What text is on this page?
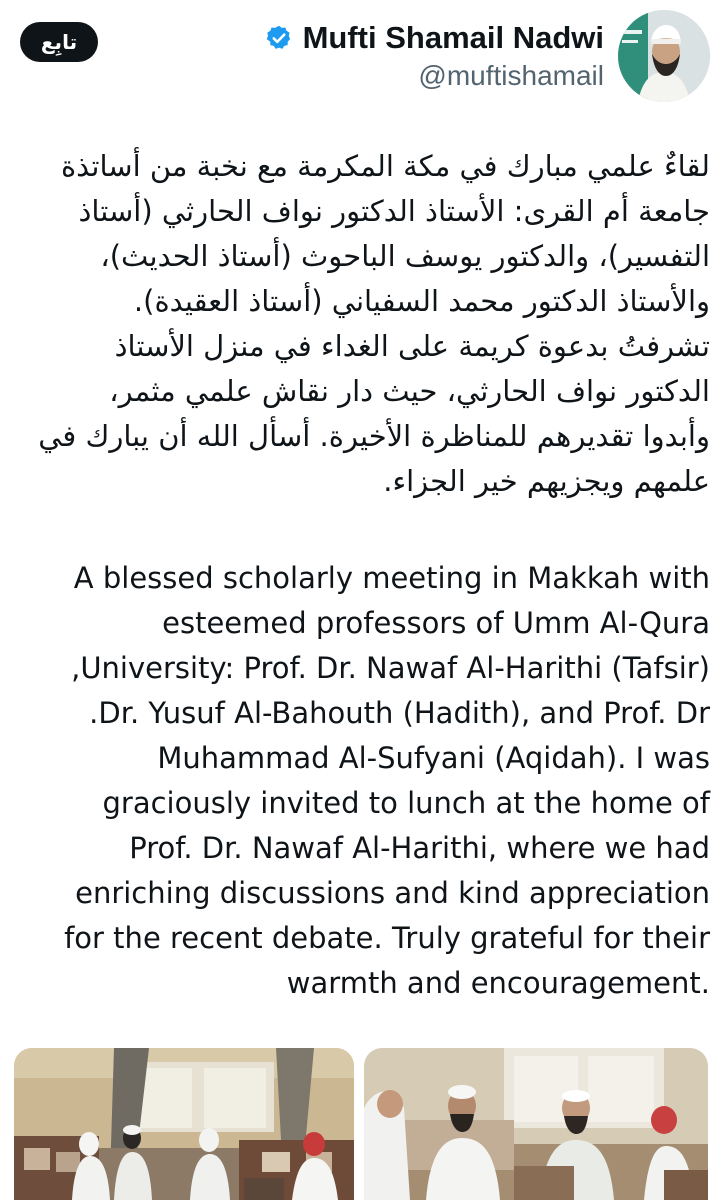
Mufti Shamail Nadwi
@muftishamail
تابِع
لقاءٌ علمي مبارك في مكة المكرمة مع نخبة من أساتذة
جامعة أم القرى: الأستاذ الدكتور نواف الحارثي (أستاذ
التفسير)، والدكتور يوسف الباحوث (أستاذ الحديث)،
والأستاذ الدكتور محمد السفياني (أستاذ العقيدة).
تشرفتُ بدعوة كريمة على الغداء في منزل الأستاذ
الدكتور نواف الحارثي، حيث دار نقاش علمي مثمر،
وأبدوا تقديرهم للمناظرة الأخيرة. أسأل الله أن يبارك في
علمهم ويجزيهم خير الجزاء.
A blessed scholarly meeting in Makkah with
esteemed professors of Umm Al-Qura
University: Prof. Dr. Nawaf Al-Harithi (Tafsir),
Dr. Yusuf Al-Bahouth (Hadith), and Prof. Dr.
Muhammad Al-Sufyani (Aqidah). I was
graciously invited to lunch at the home of
Prof. Dr. Nawaf Al-Harithi, where we had
enriching discussions and kind appreciation
for the recent debate. Truly grateful for their
.warmth and encouragement
